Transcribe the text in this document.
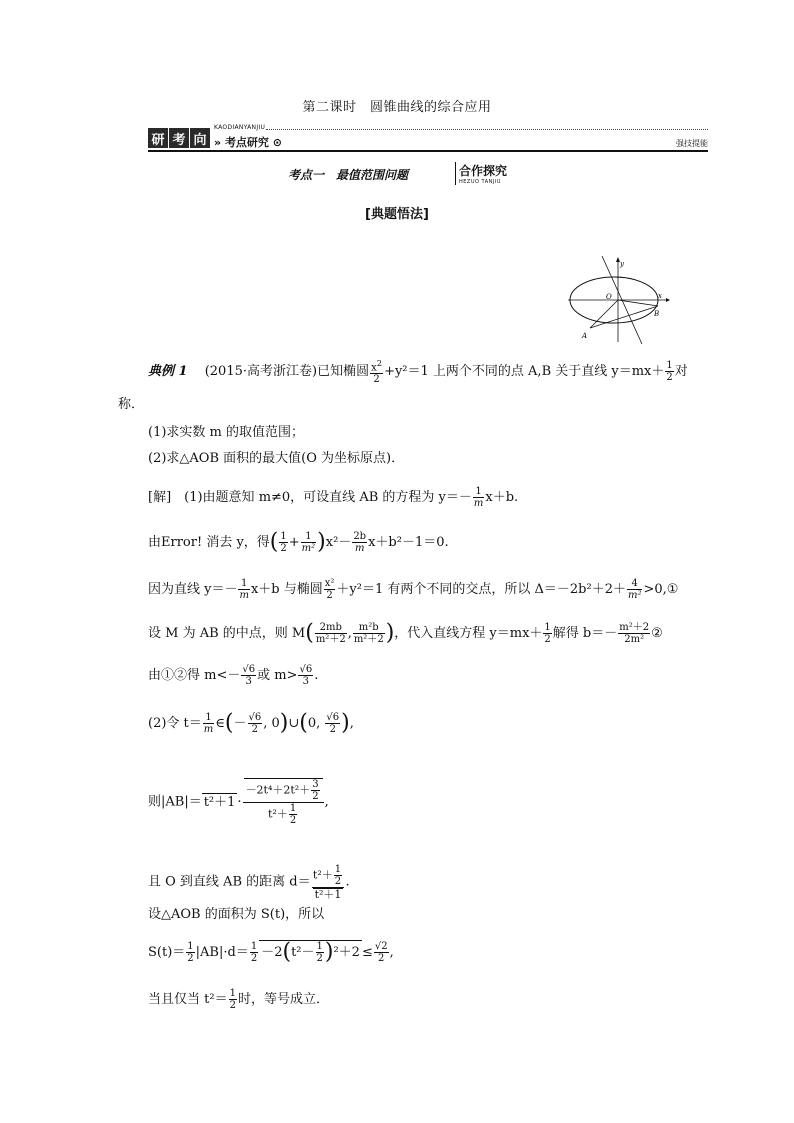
第二课时　圆锥曲线的综合应用
研 考 向
KAODIANYANJIU
» 考点研究 ⊙	强技提能
考点一　最值范围问题	合作探究
HEZUO TANJIU
[典题悟法]
y
x
O
A
B
典例 1　 (2015·高考浙江卷)已知椭圆 $\frac{x^2}{2} +y^2=1$ 上两个不同的点 A,B 关于直线 $y=mx+ \frac{1}{2}$ 对
称．
(1)求实数 m 的取值范围；
(2)求△AOB 面积的最大值(O 为坐标原点)．
[解]　(1)由题意知 m≠0，可设直线 AB 的方程为 $y=- \frac{1}{m} x+b$.
由Error! 消去 y，得( $\frac{1}{2} + \frac{1}{\text{m²}} )x^2- \frac{2b}{m} x+b^2-1=0$.
因为直线 $y=- \frac{1}{m} x+b$ 与椭圆 $\frac{\text{x²}}{2} +y^2=1$ 有两个不同的交点，所以 $\Delta=-2b^2+2+ \frac{4}{\text{m²}}$ >0,①
设 M 为 AB 的中点，则 $M( \frac{2mb}{\text{m²＋2}}$ , $\frac{\text{m²b}}{\text{m²＋2}}$ )，代入直线方程 $y=mx+ \frac{1}{2}$ 解得 $b=- \frac{\text{m²＋2}}{\text{2m²}}$ ②
由①②得 $m<- \frac{√6}{3}$ 或 $m> \frac{√6}{3}$ .
(2)令 $t= \frac{1}{m}$ ∈(－ $\frac{√6}{2}$ , 0)∪(0, $\frac{√6}{2}$ ),
则$|AB|= t^2+1 \cdot \frac{-2t^4+2t^2+ \frac{3}{2}}{t^2+ \frac{1}{2}}$ ,
且 O 到直线 AB 的距离 $d= \frac{t^2+ \frac{1}{2}}{\text{t²＋1}}$ .
设△AOB 的面积为 S(t)，所以
$S(t)= \frac{1}{2} |AB|\cdot d= \frac{1}{2} -2(t^2- \frac{1}{2} )^2+2 \le \frac{√2}{2}$ ,
当且仅当 $t^2= \frac{1}{2}$ 时，等号成立．
